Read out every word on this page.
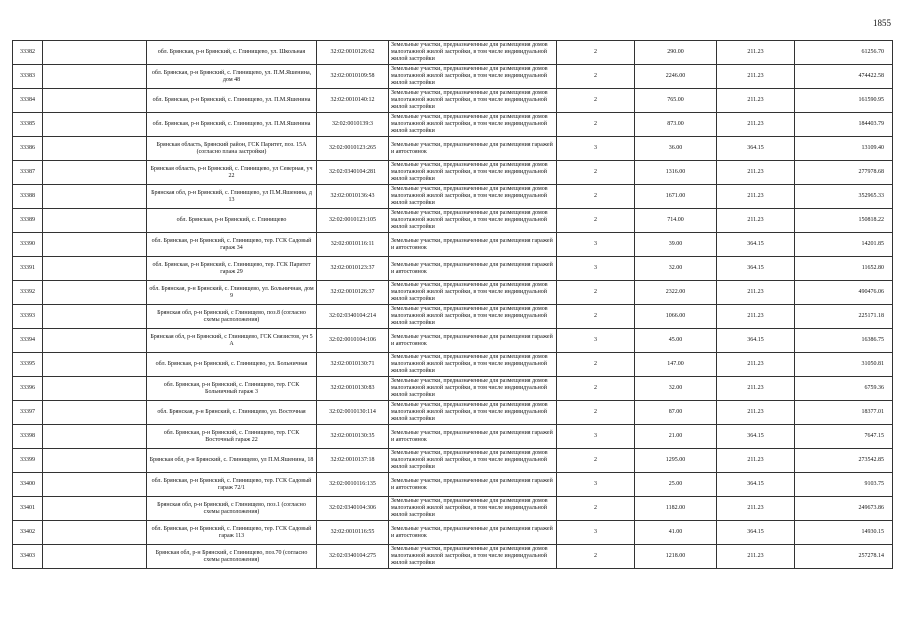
1855
33382		обл. Брянская, р-н Брянский, с. Глинищево, ул. Школьная	32:02:0010126:62	Земельные участки, предназначенные для размещения домов малоэтажной жилой застройки, в том числе индивидуальной жилой застройки	2	290.00	211.23	61256.70
33383		обл. Брянская, р-н Брянский, с. Глинищево, ул. П.М.Яшенина, дом 48	32:02:0010109:58	Земельные участки, предназначенные для размещения домов малоэтажной жилой застройки, в том числе индивидуальной жилой застройки	2	2246.00	211.23	474422.58
33384		обл. Брянская, р-н Брянский, с. Глинищево, ул. П.М.Яшенина	32:02:0010140:12	Земельные участки, предназначенные для размещения домов малоэтажной жилой застройки, в том числе индивидуальной жилой застройки	2	765.00	211.23	161590.95
33385		обл. Брянская, р-н Брянский, с. Глинищево, ул. П.М.Яшенина	32:02:0010139:3	Земельные участки, предназначенные для размещения домов малоэтажной жилой застройки, в том числе индивидуальной жилой застройки	2	873.00	211.23	184403.79
33386		Брянская область, Брянский район, ГСК Паритет, поз. 15А (согласно плана застройки)	32:02:0010123:265	Земельные участки, предназначенные для размещения гаражей и автостоянок	3	36.00	364.15	13109.40
33387		Брянская область, р-н Брянский, с. Глинищево, ул Северная, уч 22	32:02:0340104:281	Земельные участки, предназначенные для размещения домов малоэтажной жилой застройки, в том числе индивидуальной жилой застройки	2	1316.00	211.23	277978.68
33388		Брянская обл, р-н Брянский, с. Глинищево, ул П.М.Яшенина, д 13	32:02:0010136:43	Земельные участки, предназначенные для размещения домов малоэтажной жилой застройки, в том числе индивидуальной жилой застройки	2	1671.00	211.23	352965.33
33389		обл. Брянская, р-н Брянский, с. Глинищево	32:02:0010123:105	Земельные участки, предназначенные для размещения домов малоэтажной жилой застройки, в том числе индивидуальной жилой застройки	2	714.00	211.23	150818.22
33390		обл. Брянская, р-н Брянский, с. Глинищево, тер. ГСК Садовый гараж 34	32:02:0010116:11	Земельные участки, предназначенные для размещения гаражей и автостоянок	3	39.00	364.15	14201.85
33391		обл. Брянская, р-н Брянский, с. Глинищево, тер. ГСК Паритет гараж 29	32:02:0010123:37	Земельные участки, предназначенные для размещения гаражей и автостоянок	3	32.00	364.15	11652.80
33392		обл. Брянская, р-н Брянский, с. Глинищево, ул. Больничная, дом 9	32:02:0010126:37	Земельные участки, предназначенные для размещения домов малоэтажной жилой застройки, в том числе индивидуальной жилой застройки	2	2322.00	211.23	490476.06
33393		Брянская обл, р-н Брянский, с Глинищево, поз.8 (согласно схемы расположения)	32:02:0340104:214	Земельные участки, предназначенные для размещения домов малоэтажной жилой застройки, в том числе индивидуальной жилой застройки	2	1066.00	211.23	225171.18
33394		Брянская обл, р-н Брянский, с Глинищево, ГСК Связистов, уч 5 А	32:02:0010104:106	Земельные участки, предназначенные для размещения гаражей и автостоянок	3	45.00	364.15	16386.75
33395		обл. Брянская, р-н Брянский, с. Глинищево, ул. Больничная	32:02:0010130:71	Земельные участки, предназначенные для размещения домов малоэтажной жилой застройки, в том числе индивидуальной жилой застройки	2	147.00	211.23	31050.81
33396		обл. Брянская, р-н Брянский, с. Глинищево, тер. ГСК Больничный гараж 3	32:02:0010130:83	Земельные участки, предназначенные для размещения домов малоэтажной жилой застройки, в том числе индивидуальной жилой застройки	2	32.00	211.23	6759.36
33397		обл. Брянская, р-н Брянский, с. Глинищево, ул. Восточная	32:02:0010130:114	Земельные участки, предназначенные для размещения домов малоэтажной жилой застройки, в том числе индивидуальной жилой застройки	2	87.00	211.23	18377.01
33398		обл. Брянская, р-н Брянский, с. Глинищево, тер. ГСК Восточный гараж 22	32:02:0010130:35	Земельные участки, предназначенные для размещения гаражей и автостоянок	3	21.00	364.15	7647.15
33399		Брянская обл, р-н Брянский, с. Глинищево, ул П.М.Яшенина, 18	32:02:0010137:18	Земельные участки, предназначенные для размещения домов малоэтажной жилой застройки, в том числе индивидуальной жилой застройки	2	1295.00	211.23	273542.85
33400		обл. Брянская, р-н Брянский, с. Глинищево, тер. ГСК Садовый гараж 72/1	32:02:0010116:135	Земельные участки, предназначенные для размещения гаражей и автостоянок	3	25.00	364.15	9103.75
33401		Брянская обл, р-н Брянский, с Глинищево, поз.1 (согласно схемы расположения)	32:02:0340104:306	Земельные участки, предназначенные для размещения домов малоэтажной жилой застройки, в том числе индивидуальной жилой застройки	2	1182.00	211.23	249673.86
33402		обл. Брянская, р-н Брянский, с. Глинищево, тер. ГСК Садовый гараж 113	32:02:0010116:55	Земельные участки, предназначенные для размещения гаражей и автостоянок	3	41.00	364.15	14930.15
33403		Брянская обл, р-н Брянский, с Глинищево, поз.70 (согласно схемы расположения)	32:02:0340104:275	Земельные участки, предназначенные для размещения домов малоэтажной жилой застройки, в том числе индивидуальной жилой застройки	2	1218.00	211.23	257278.14
